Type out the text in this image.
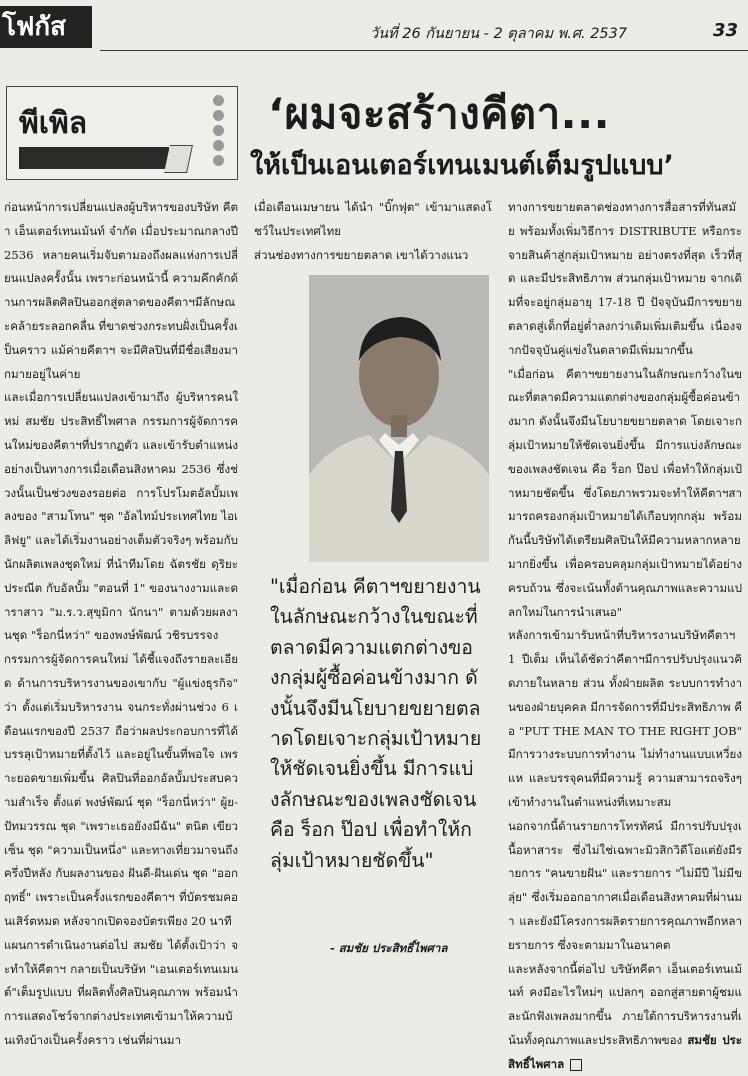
โฟกัส	วันที่ 26 กันยายน - 2 ตุลาคม พ.ศ. 2537	33
พีเพิล	‘ผมจะสร้างคีตา...
ให้เป็นเอนเตอร์เทนเมนต์เต็มรูปแบบ’

ก่อนหน้าการเปลี่ยนแปลงผู้บริหารของบริษัท คีตา เอ็นเตอร์เทนเม้นท์ จำกัด เมื่อประมาณกลางปี 2536 หลายคนเริ่มจับตามองถึงผลแห่งการเปลี่ยนแปลงครั้งนั้น เพราะก่อนหน้านี้ ความคึกคักด้านการผลิตศิลปินออกสู่ตลาดของคีตาฯมีลักษณะคล้ายระลอกคลื่น ที่ขาดช่วงกระทบฝั่งเป็นครั้งเป็นคราว แม้ค่ายคีตาฯ จะมีศิลปินที่มีชื่อเสียงมากมายอยู่ในค่าย

และเมื่อการเปลี่ยนแปลงเข้ามาถึง ผู้บริหารคนใหม่ สมชัย ประสิทธิ์ไพศาล กรรมการผู้จัดการคนใหม่ของคีตาฯที่ปรากฏตัว และเข้ารับตำแหน่งอย่างเป็นทางการเมื่อเดือนสิงหาคม 2536 ซึ่งช่วงนั้นเป็นช่วงของรอยต่อ การโปรโมตอัลบั้มเพลงของ "สามโทน" ชุด "อัลไทม์ประเทศไทย ไอเลิฟยู" และได้เริ่มงานอย่างเต็มตัวจริงๆ พร้อมกับนักผลิตเพลงชุดใหม่ ที่นำทีมโดย ฉัตรชัย ดุริยะประณีต กับอัลบั้ม "ตอนที่ 1" ของนางงามและดาราสาว "ม.ร.ว.สุขุมิกา นักนา" ตามด้วยผลงานชุด "ร็อกนี่หว่า" ของพงษ์พัฒน์ วชิรบรรจง

กรรมการผู้จัดการคนใหม่ ได้ชี้แจงถึงรายละเอียด ด้านการบริหารงานของเขากับ "ผู้แข่งธุรกิจ" ว่า ตั้งแต่เริ่มบริหารงาน จนกระทั่งผ่านช่วง 6 เดือนแรกของปี 2537 ถือว่าผลประกอบการที่ได้บรรลุเป้าหมายที่ตั้งไว้ และอยู่ในขั้นที่พอใจ เพราะยอดขายเพิ่มขึ้น ศิลปินที่ออกอัลบั้มประสบความสำเร็จ ตั้งแต่ พงษ์พัฒน์ ชุด "ร็อกนี่หว่า" ผู้ย-ปัทมวรรณ ชุด "เพราะเธอยังงมีฉัน" ตนิต เขียวเซ็น ชุด "ความเป็นหนึ่ง" และทางเที่ยวมาจนถึงครึ่งปีหลัง กับผลงานของ ฝันดี-ฝันเด่น ชุด "ออกฤทธิ์" เพราะเป็นครั้งแรกของคีตาฯ ที่บัตรชมคอนเสิร์ตหมด หลังจากเปิดจองบัตรเพียง 20 นาที

แผนการดำเนินงานต่อไป สมชัย ได้ตั้งเป้าว่า จะทำให้คีตาฯ กลายเป็นบริษัท "เอนเตอร์เทนเมนต์"เต็มรูปแบบ ที่ผลิตทั้งศิลปินคุณภาพ พร้อมนำการแสดงโชว์จากต่างประเทศเข้ามาให้ความบันเทิงบ้างเป็นครั้งคราว เช่นที่ผ่านมา

เมื่อเดือนเมษายน ได้นำ "บิ๊กฟุต" เข้ามาแสดงโชว์ในประเทศไทย

ส่วนช่องทางการขยายตลาด เขาได้วางแนว

"เมื่อก่อน คีตาฯขยายงานในลักษณะกว้างในขณะที่ตลาดมีความแตกต่างของกลุ่มผู้ซื้อค่อนข้างมาก ดังนั้นจึงมีนโยบายขยายตลาดโดยเจาะกลุ่มเป้าหมายให้ชัดเจนยิ่งขึ้น มีการแบ่งลักษณะของเพลงชัดเจน คือ ร็อก ป๊อป เพื่อทำให้กลุ่มเป้าหมายชัดขึ้น"
- สมชัย ประสิทธิ์ไพศาล

ทางการขยายตลาดช่องทางการสื่อสารที่ทันสมัย พร้อมทั้งเพิ่มวิธีการ DISTRIBUTE หรือกระจายสินค้าสู่กลุ่มเป้าหมาย อย่างตรงที่สุด เร็วที่สุด และมีประสิทธิภาพ ส่วนกลุ่มเป้าหมาย จากเดิมที่จะอยู่กลุ่มอายุ 17-18 ปี ปัจจุบันมีการขยายตลาดสู่เด็กที่อยู่ต่ำลงกว่าเดิมเพิ่มเติมขึ้น เนื่องจากปัจจุบันคู่แข่งในตลาดมีเพิ่มมากขึ้น

"เมื่อก่อน คีตาฯขยายงานในลักษณะกว้างในขณะที่ตลาดมีความแตกต่างของกลุ่มผู้ซื้อค่อนข้างมาก ดังนั้นจึงมีนโยบายขยายตลาด โดยเจาะกลุ่มเป้าหมายให้ชัดเจนยิ่งขึ้น มีการแบ่งลักษณะของเพลงชัดเจน คือ ร็อก ป๊อป เพื่อทำให้กลุ่มเป้าหมายชัดขึ้น ซึ่งโดยภาพรวมจะทำให้คีตาฯสามารถครองกลุ่มเป้าหมายได้เกือบทุกกลุ่ม พร้อมกันนี้บริษัทได้เตรียมศิลปินให้มีความหลากหลายมากยิ่งขึ้น เพื่อครอบคลุมกลุ่มเป้าหมายได้อย่างครบถ้วน ซึ่งจะเน้นทั้งด้านคุณภาพและความแปลกใหม่ในการนำเสนอ"

หลังการเข้ามารับหน้าที่บริหารงานบริษัทคีตาฯ 1 ปีเต็ม เห็นได้ชัดว่าคีตาฯมีการปรับปรุงแนวคิดภายในหลาย ส่วน ทั้งฝ่ายผลิต ระบบการทำงานของฝ่ายบุคคล มีการจัดการที่มีประสิทธิภาพ คือ "PUT THE MAN TO THE RIGHT JOB" มีการวางระบบการทำงาน ไม่ทำงานแบบเหวี่ยงแห และบรรจุคนที่มีความรู้ ความสามารถจริงๆ เข้าทำงานในตำแหน่งที่เหมาะสม

นอกจากนี้ด้านรายการโทรทัศน์ มีการปรับปรุงเนื้อหาสาระ ซึ่งไม่ใช่เฉพาะมิวสิกวิดีโอแต่ยังมีรายการ "คนขายฝัน" และรายการ "ไม่มีปี ไม่มีขลุ่ย" ซึ่งเริ่มออกอากาศเมื่อเดือนสิงหาคมที่ผ่านมา และยังมีโครงการผลิตรายการคุณภาพอีกหลายรายการ ซึ่งจะตามมาในอนาคต

และหลังจากนี้ต่อไป บริษัทคีตา เอ็นเตอร์เทนเม้นท์ คงมีอะไรใหม่ๆ แปลกๆ ออกสู่สายตาผู้ชมและนักฟังเพลงมากขึ้น ภายใต้การบริหารงานที่เน้นทั้งคุณภาพและประสิทธิภาพของ สมชัย ประสิทธิ์ไพศาล
